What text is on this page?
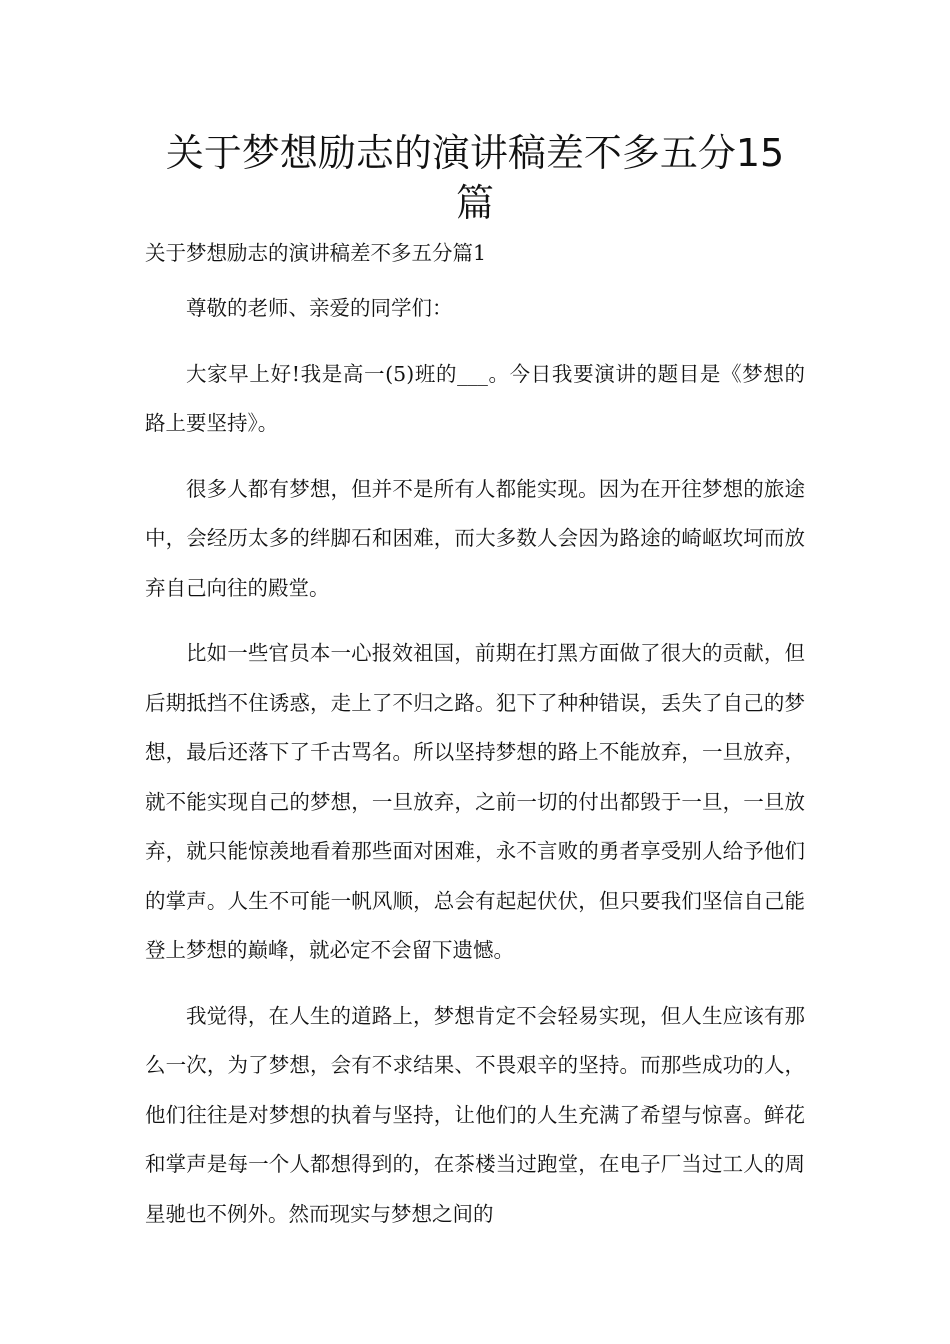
关于梦想励志的演讲稿差不多五分15篇
关于梦想励志的演讲稿差不多五分篇1

尊敬的老师、亲爱的同学们：

大家早上好!我是高一(5)班的___。今日我要演讲的题目是《梦想的路上要坚持》。

很多人都有梦想，但并不是所有人都能实现。因为在开往梦想的旅途中，会经历太多的绊脚石和困难，而大多数人会因为路途的崎岖坎坷而放弃自己向往的殿堂。

比如一些官员本一心报效祖国，前期在打黑方面做了很大的贡献，但后期抵挡不住诱惑，走上了不归之路。犯下了种种错误，丢失了自己的梦想，最后还落下了千古骂名。所以坚持梦想的路上不能放弃，一旦放弃，就不能实现自己的梦想，一旦放弃，之前一切的付出都毁于一旦，一旦放弃，就只能惊羡地看着那些面对困难，永不言败的勇者享受别人给予他们的掌声。人生不可能一帆风顺，总会有起起伏伏，但只要我们坚信自己能登上梦想的巅峰，就必定不会留下遗憾。

我觉得，在人生的道路上，梦想肯定不会轻易实现，但人生应该有那么一次，为了梦想，会有不求结果、不畏艰辛的坚持。而那些成功的人，他们往往是对梦想的执着与坚持，让他们的人生充满了希望与惊喜。鲜花和掌声是每一个人都想得到的，在茶楼当过跑堂，在电子厂当过工人的周星驰也不例外。然而现实与梦想之间的
